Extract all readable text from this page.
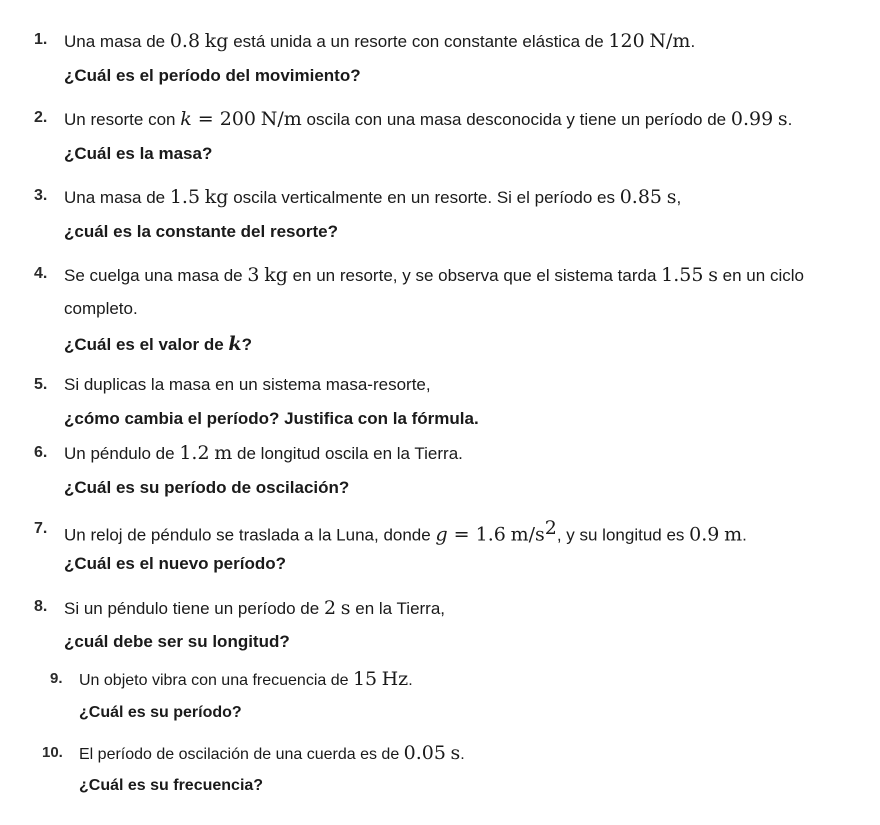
1. Una masa de 0.8 kg está unida a un resorte con constante elástica de 120 N/m.
¿Cuál es el período del movimiento?
2. Un resorte con k = 200 N/m oscila con una masa desconocida y tiene un período de 0.99 s.
¿Cuál es la masa?
3. Una masa de 1.5 kg oscila verticalmente en un resorte. Si el período es 0.85 s,
¿cuál es la constante del resorte?
4. Se cuelga una masa de 3 kg en un resorte, y se observa que el sistema tarda 1.55 s en un ciclo
completo.
¿Cuál es el valor de k?
5. Si duplicas la masa en un sistema masa-resorte,
¿cómo cambia el período? Justifica con la fórmula.
6. Un péndulo de 1.2 m de longitud oscila en la Tierra.
¿Cuál es su período de oscilación?
7. Un reloj de péndulo se traslada a la Luna, donde g = 1.6 $m/s^2$, y su longitud es 0.9 m.
¿Cuál es el nuevo período?
8. Si un péndulo tiene un período de 2 s en la Tierra,
¿cuál debe ser su longitud?
9. Un objeto vibra con una frecuencia de 15 Hz.
¿Cuál es su período?
10. El período de oscilación de una cuerda es de 0.05 s.
¿Cuál es su frecuencia?
